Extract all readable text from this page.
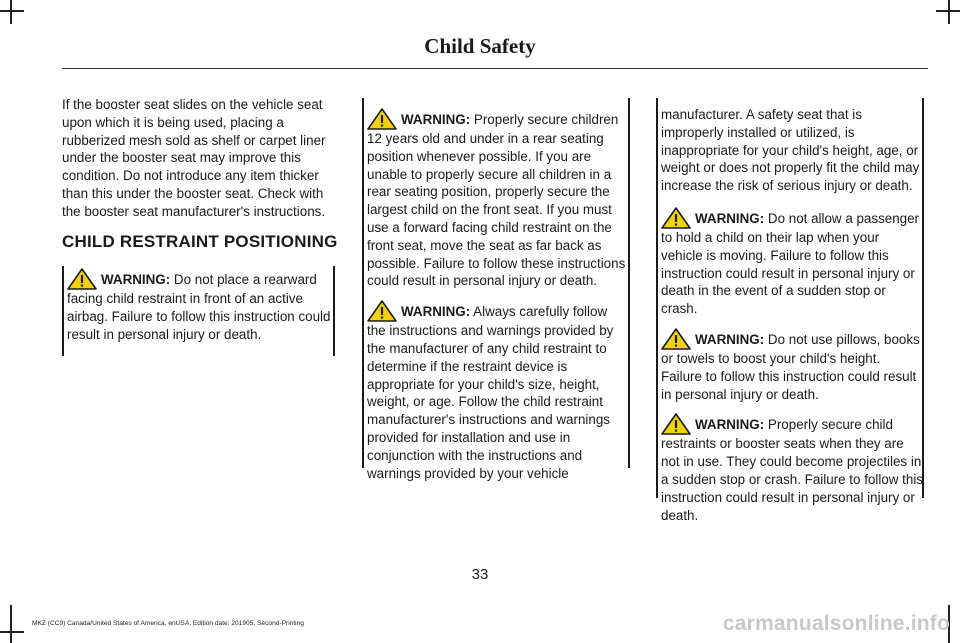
Child Safety

If the booster seat slides on the vehicle seat upon which it is being used, placing a rubberized mesh sold as shelf or carpet liner under the booster seat may improve this condition. Do not introduce any item thicker than this under the booster seat. Check with the booster seat manufacturer's instructions.

CHILD RESTRAINT POSITIONING

WARNING: Do not place a rearward facing child restraint in front of an active airbag. Failure to follow this instruction could result in personal injury or death.

WARNING: Properly secure children 12 years old and under in a rear seating position whenever possible. If you are unable to properly secure all children in a rear seating position, properly secure the largest child on the front seat. If you must use a forward facing child restraint on the front seat, move the seat as far back as possible. Failure to follow these instructions could result in personal injury or death.

WARNING: Always carefully follow the instructions and warnings provided by the manufacturer of any child restraint to determine if the restraint device is appropriate for your child's size, height, weight, or age. Follow the child restraint manufacturer's instructions and warnings provided for installation and use in conjunction with the instructions and warnings provided by your vehicle

manufacturer. A safety seat that is improperly installed or utilized, is inappropriate for your child's height, age, or weight or does not properly fit the child may increase the risk of serious injury or death.

WARNING: Do not allow a passenger to hold a child on their lap when your vehicle is moving. Failure to follow this instruction could result in personal injury or death in the event of a sudden stop or crash.

WARNING: Do not use pillows, books or towels to boost your child's height. Failure to follow this instruction could result in personal injury or death.

WARNING: Properly secure child restraints or booster seats when they are not in use. They could become projectiles in a sudden stop or crash. Failure to follow this instruction could result in personal injury or death.

33
MKZ (CC9) Canada/United States of America, enUSA, Edition date: 201905, Second-Printing	carmanualsonline.info
